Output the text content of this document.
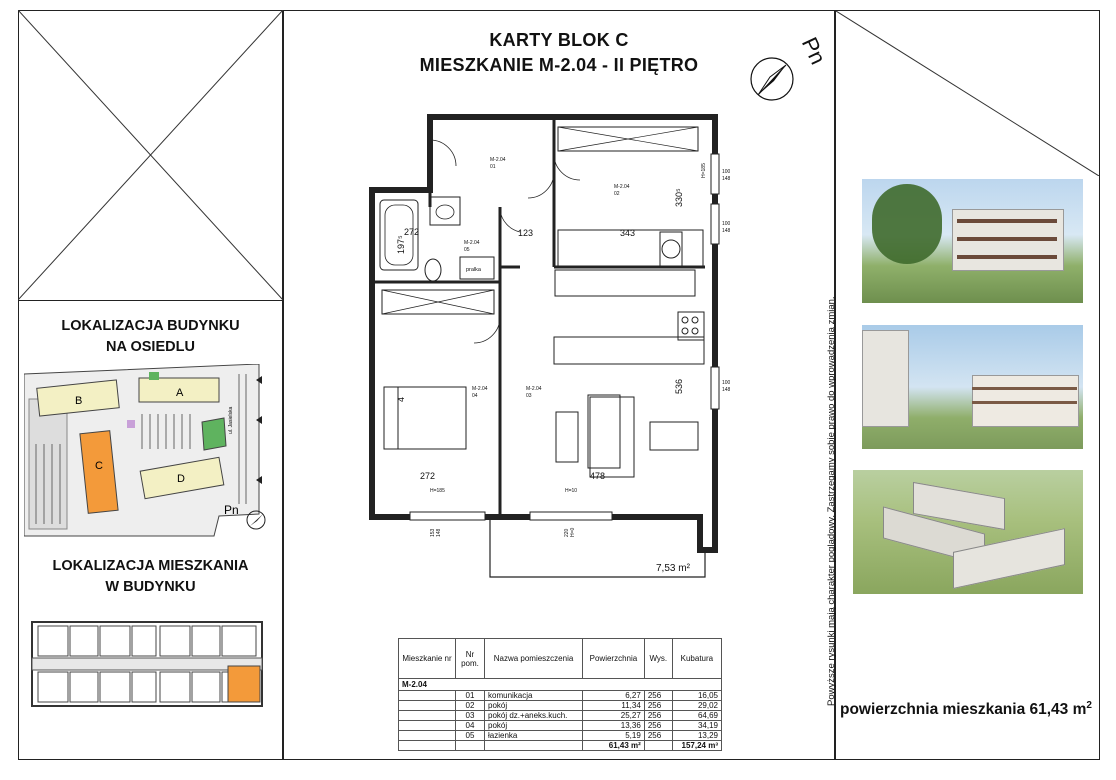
LOKALIZACJA BUDYNKU
NA OSIEDLU
B
A
C
D
ul. Jasielska
Pn
LOKALIZACJA MIESZKANIA
W BUDYNKU
KARTY BLOK C
MIESZKANIE M-2.04 - II PIĘTRO	Pn
M-2.04
01
M-2.04
02
M-2.04
03
M-2.04
04
M-2.04
05
pralka
272	123	343
330⁵
197⁵
536
4
272	478
100
148
100
148
100
148
H=185
H=185	H=10
153 148	220 H=0
7,53 m²
Mieszkanie nr	Nr pom.	Nazwa pomieszczenia	Powierzchnia	Wys.	Kubatura
M-2.04					
	01	komunikacja	6,27	256	16,05
	02	pokój	11,34	256	29,02
	03	pokój dz.+aneks.kuch.	25,27	256	64,69
	04	pokój	13,36	256	34,19
	05	łazienka	5,19	256	13,29
			61,43 m²		157,24 m³
Powyższe rysunki mają charakter poglądowy. Zastrzegamy sobie prawo do wprowadzenia zmian.
powierzchnia mieszkania 61,43 $m^2$
